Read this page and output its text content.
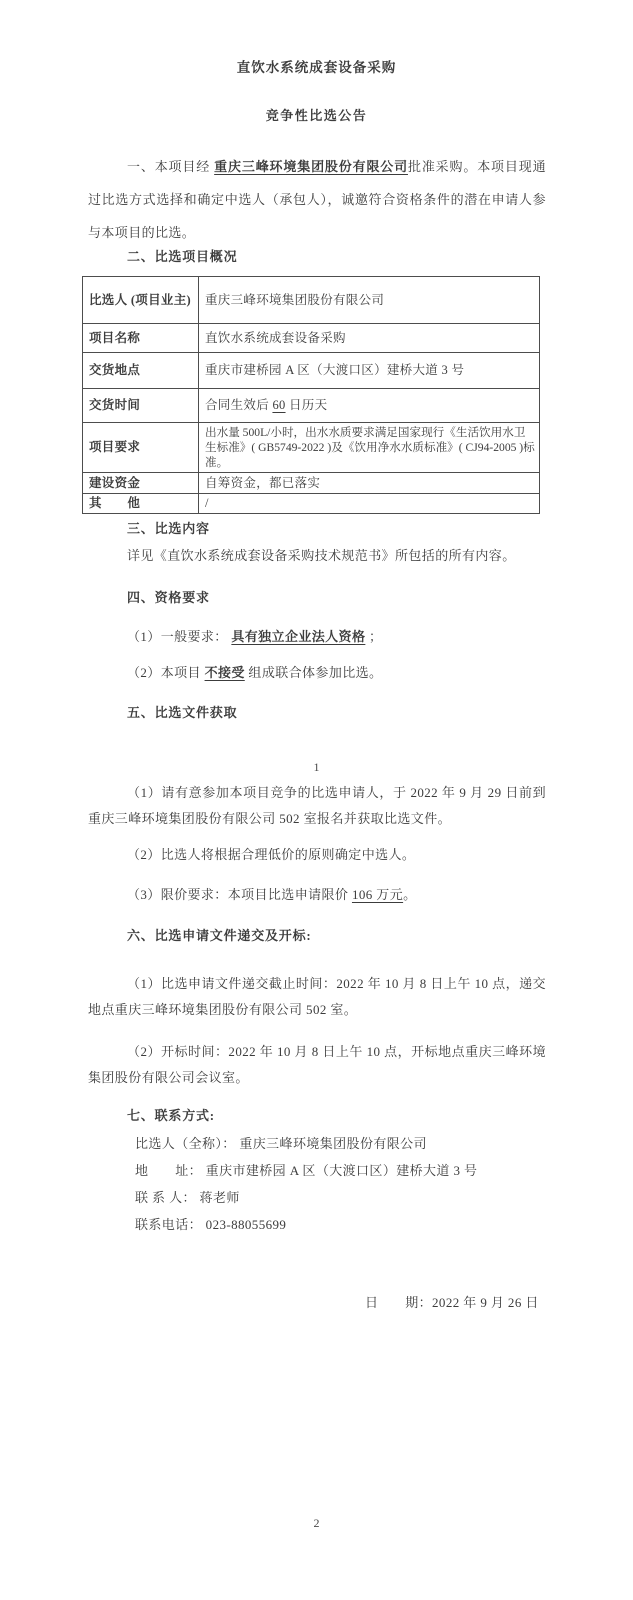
直饮水系统成套设备采购
竞争性比选公告
一、本项目经 重庆三峰环境集团股份有限公司批准采购。本项目现通过比选方式选择和确定中选人（承包人），诚邀符合资格条件的潜在申请人参与本项目的比选。
二、比选项目概况
比选人 (项目业主)	重庆三峰环境集团股份有限公司
项目名称	直饮水系统成套设备采购
交货地点	重庆市建桥园 A 区（大渡口区）建桥大道 3 号
交货时间	合同生效后 60 日历天
项目要求	出水量 500L/小时，出水水质要求满足国家现行《生活饮用水卫生标准》( GB5749-2022 )及《饮用净水水质标准》( CJ94-2005 )标准。
建设资金	自筹资金，都已落实
其　　他	/
三、比选内容
详见《直饮水系统成套设备采购技术规范书》所包括的所有内容。
四、资格要求
（1）一般要求： 具有独立企业法人资格 ；
（2）本项目 不接受 组成联合体参加比选。
五、比选文件获取
1
（1）请有意参加本项目竞争的比选申请人，于 2022 年 9 月 29 日前到重庆三峰环境集团股份有限公司 502 室报名并获取比选文件。
（2）比选人将根据合理低价的原则确定中选人。
（3）限价要求：本项目比选申请限价 106 万元。
六、比选申请文件递交及开标:
（1）比选申请文件递交截止时间：2022 年 10 月 8 日上午 10 点，递交地点重庆三峰环境集团股份有限公司 502 室。
（2）开标时间：2022 年 10 月 8 日上午 10 点，开标地点重庆三峰环境集团股份有限公司会议室。
七、联系方式:
比选人（全称）： 重庆三峰环境集团股份有限公司
地　　址： 重庆市建桥园 A 区（大渡口区）建桥大道 3 号
联 系 人： 蒋老师
联系电话： 023-88055699
日　　期：2022 年 9 月 26 日
2
